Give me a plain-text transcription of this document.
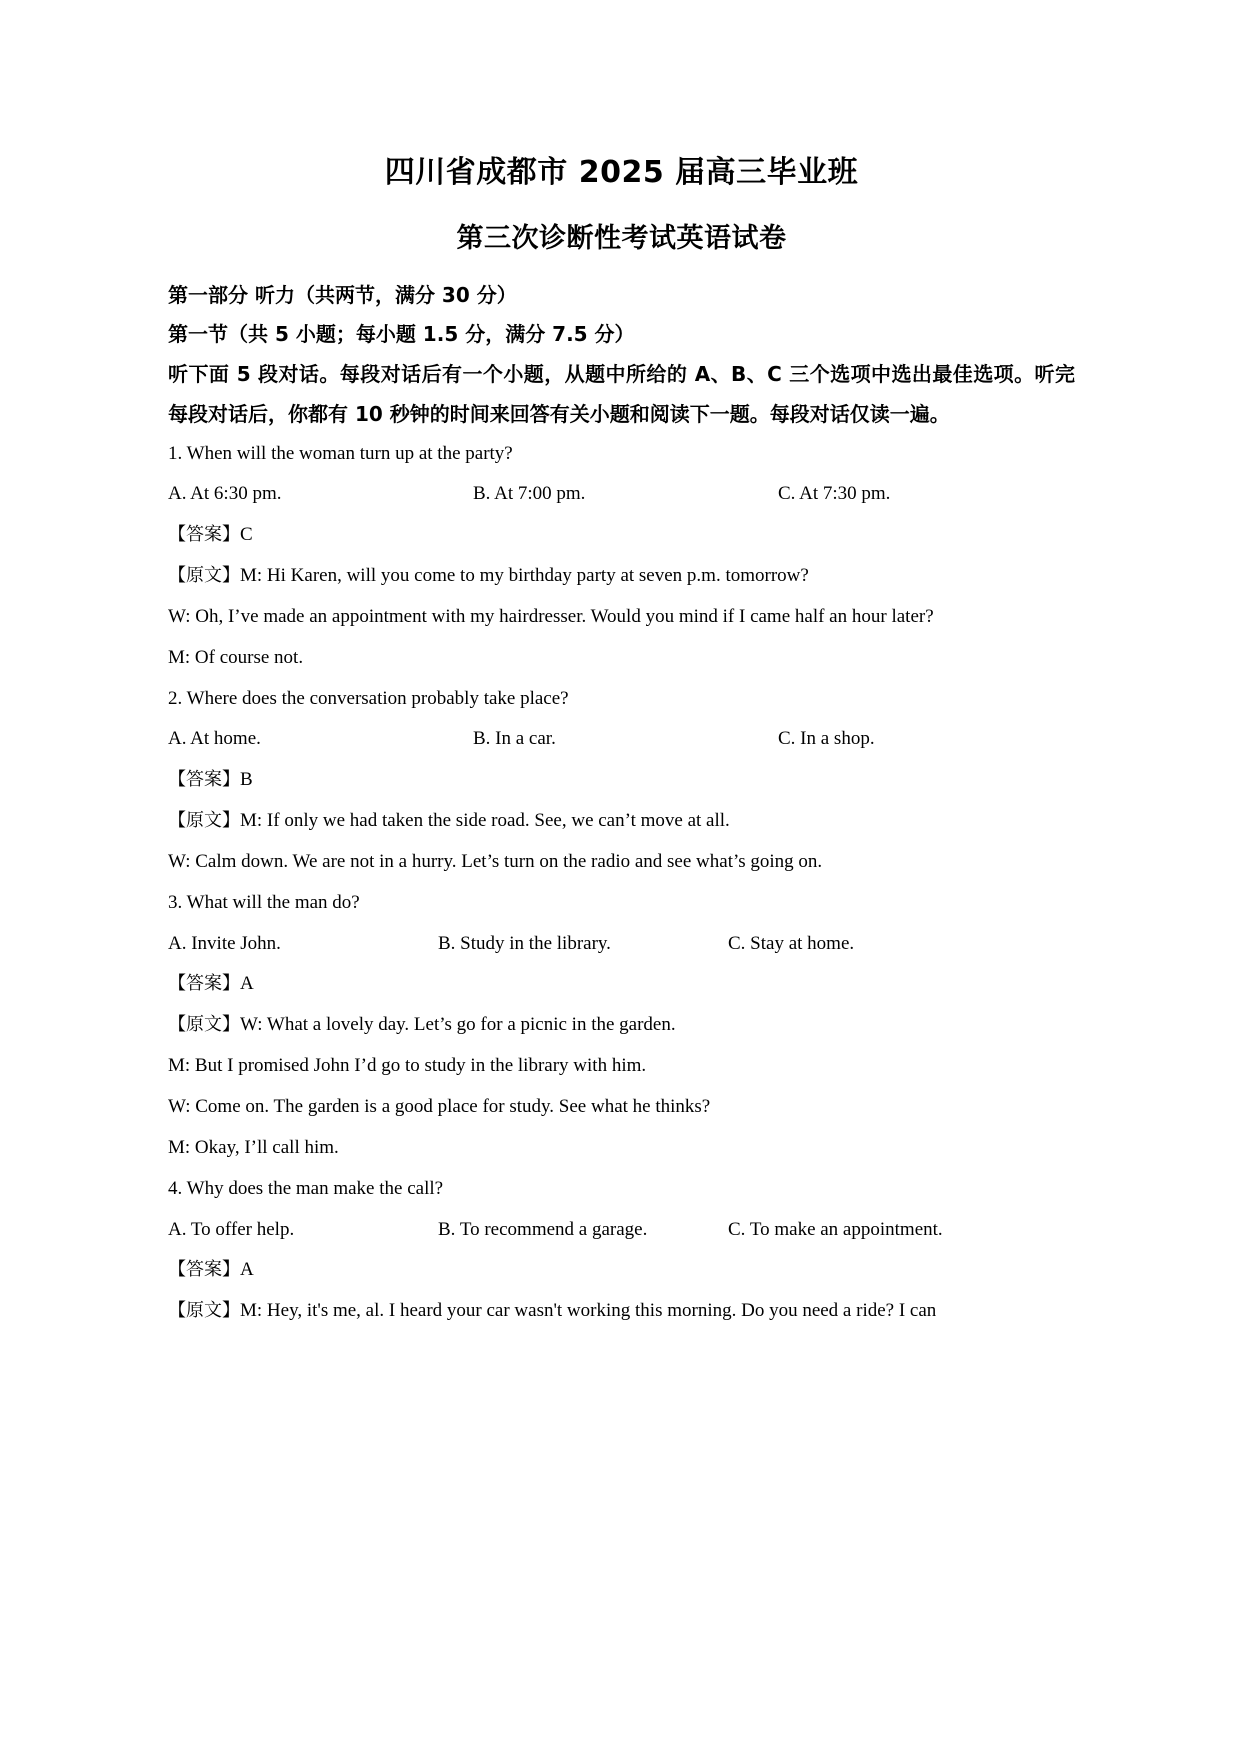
四川省成都市 2025 届高三毕业班
第三次诊断性考试英语试卷

第一部分 听力（共两节，满分 30 分）

第一节（共 5 小题；每小题 1.5 分，满分 7.5 分）

听下面 5 段对话。每段对话后有一个小题，从题中所给的 A、B、C 三个选项中选出最佳选项。听完每段对话后，你都有 10 秒钟的时间来回答有关小题和阅读下一题。每段对话仅读一遍。

1. When will the woman turn up at the party?

A. At 6:30 pm.	B. At 7:00 pm.	C. At 7:30 pm.

【答案】C

【原文】M: Hi Karen, will you come to my birthday party at seven p.m. tomorrow?

W: Oh, I’ve made an appointment with my hairdresser. Would you mind if I came half an hour later?

M: Of course not.

2. Where does the conversation probably take place?

A. At home.	B. In a car.	C. In a shop.

【答案】B

【原文】M: If only we had taken the side road. See, we can’t move at all.

W: Calm down. We are not in a hurry. Let’s turn on the radio and see what’s going on.

3. What will the man do?

A. Invite John.	B. Study in the library.	C. Stay at home.

【答案】A

【原文】W: What a lovely day. Let’s go for a picnic in the garden.

M: But I promised John I’d go to study in the library with him.

W: Come on. The garden is a good place for study. See what he thinks?

M: Okay, I’ll call him.

4. Why does the man make the call?

A. To offer help.	B. To recommend a garage.	C. To make an appointment.

【答案】A

【原文】M: Hey, it's me, al. I heard your car wasn't working this morning. Do you need a ride? I can
